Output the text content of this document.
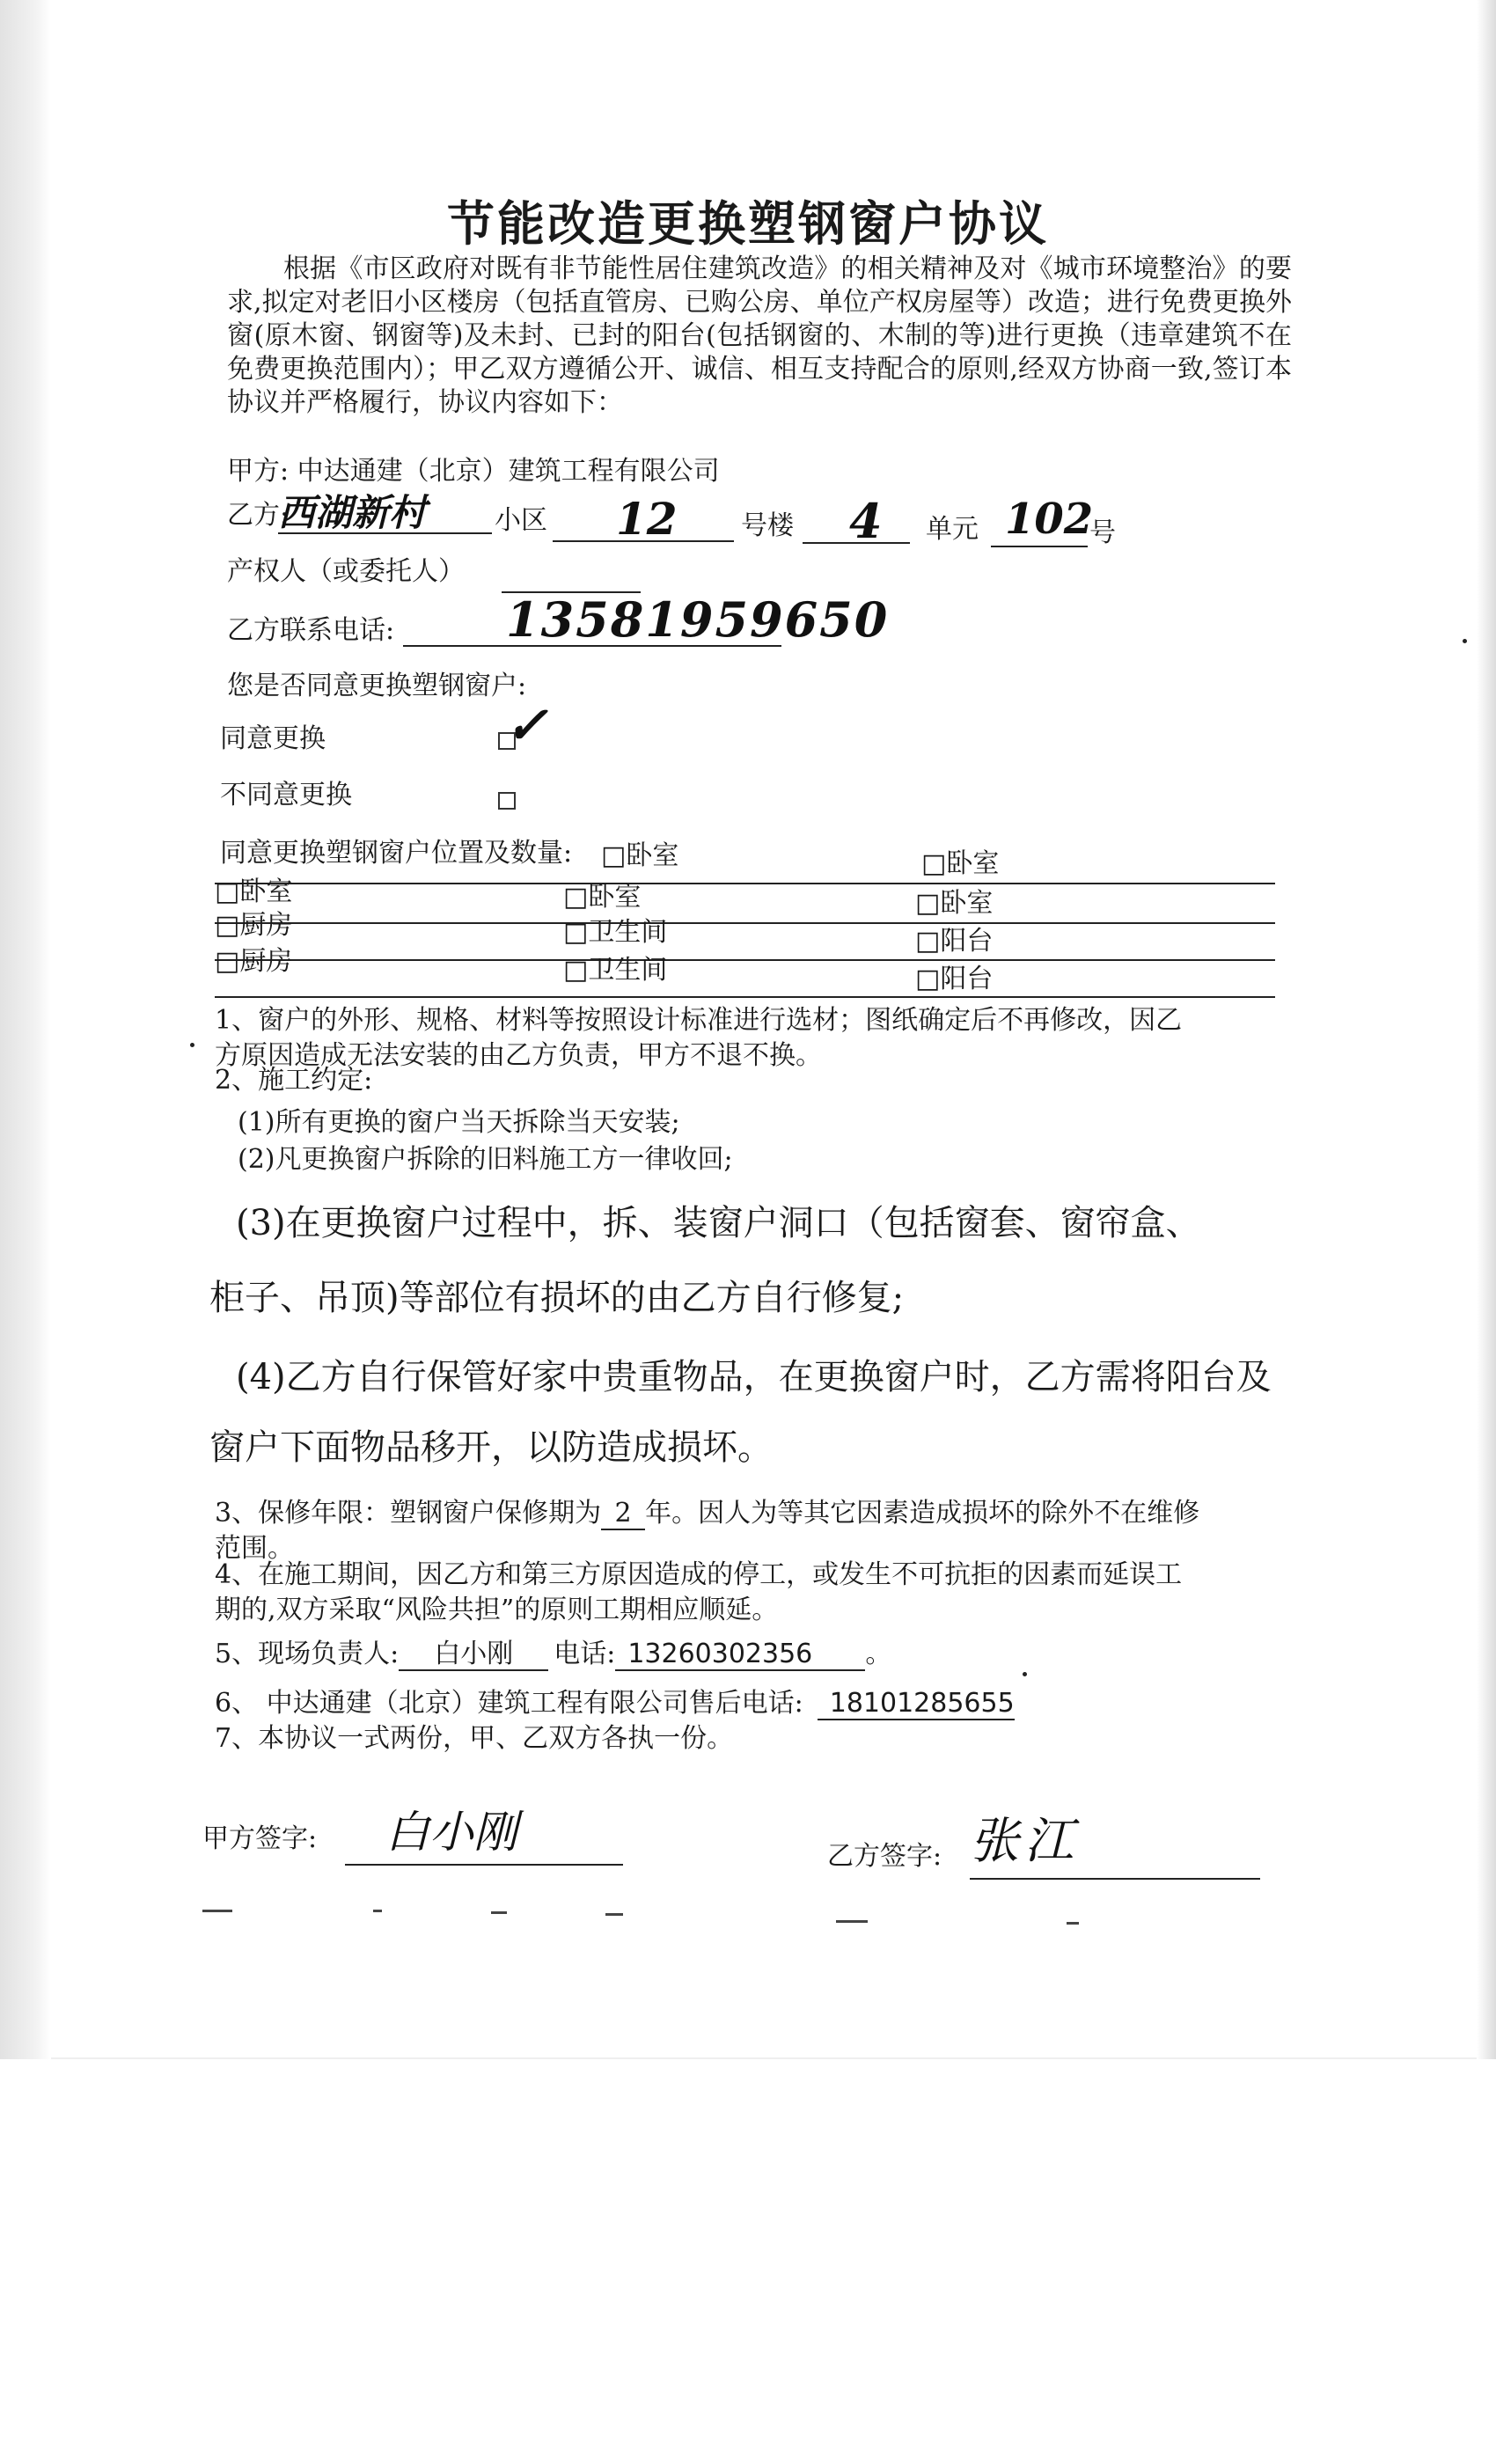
节能改造更换塑钢窗户协议
根据《市区政府对既有非节能性居住建筑改造》的相关精神及对《城市环境整治》的要求,拟定对老旧小区楼房（包括直管房、已购公房、单位产权房屋等）改造；进行免费更换外窗(原木窗、钢窗等)及未封、已封的阳台(包括钢窗的、木制的等)进行更换（违章建筑不在免费更换范围内）；甲乙双方遵循公开、诚信、相互支持配合的原则,经双方协商一致,签订本协议并严格履行，协议内容如下：
甲方: 中达通建（北京）建筑工程有限公司
乙方:
西湖新村	小区 12 号楼 4 单元 102
号
产权人（或委托人）
乙方联系电话: 13581959650
您是否同意更换塑钢窗户:
同意更换	✓
不同意更换
同意更换塑钢窗户位置及数量: □卧室	□卧室
□卧室	□卧室	□卧室
□厨房	□卫生间	□阳台
□厨房	□卫生间	□阳台
1、窗户的外形、规格、材料等按照设计标准进行选材；图纸确定后不再修改，因乙
方原因造成无法安装的由乙方负责，甲方不退不换。
2、施工约定:
(1)所有更换的窗户当天拆除当天安装;
(2)凡更换窗户拆除的旧料施工方一律收回;
(3)在更换窗户过程中，拆、装窗户洞口（包括窗套、窗帘盒、
柜子、吊顶)等部位有损坏的由乙方自行修复;
(4)乙方自行保管好家中贵重物品，在更换窗户时，乙方需将阳台及
窗户下面物品移开，以防造成损坏。
3、保修年限：塑钢窗户保修期为 2 年。因人为等其它因素造成损坏的除外不在维修
范围。
4、在施工期间，因乙方和第三方原因造成的停工，或发生不可抗拒的因素而延误工
期的,双方采取“风险共担”的原则工期相应顺延。
5、现场负责人: 白小刚 电话: 13260302356 。
6、 中达通建（北京）建筑工程有限公司售后电话: 18101285655
7、本协议一式两份，甲、乙双方各执一份。
甲方签字: 白小刚	乙方签字: 张江
